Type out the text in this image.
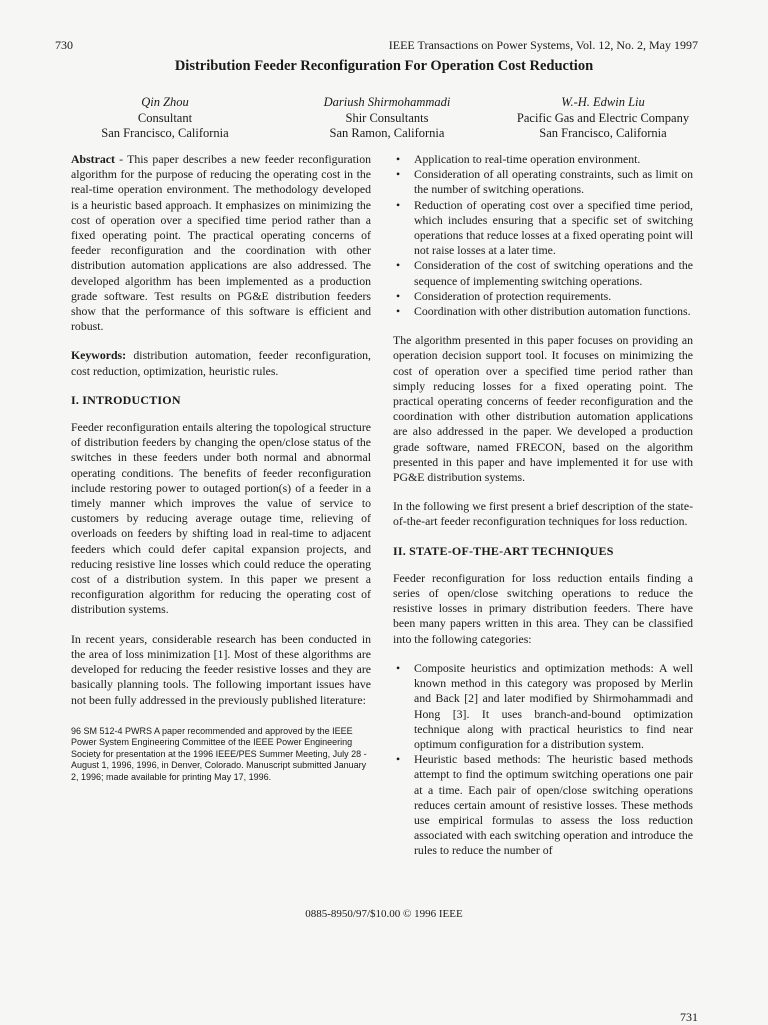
730	IEEE Transactions on Power Systems, Vol. 12, No. 2, May 1997
Distribution Feeder Reconfiguration For Operation Cost Reduction
Qin Zhou
Consultant
San Francisco, California
Dariush Shirmohammadi
Shir Consultants
San Ramon, California
W.-H. Edwin Liu
Pacific Gas and Electric Company
San Francisco, California

Abstract - This paper describes a new feeder reconfiguration algorithm for the purpose of reducing the operating cost in the real-time operation environment. The methodology developed is a heuristic based approach. It emphasizes on minimizing the cost of operation over a specified time period rather than a fixed operating point. The practical operating concerns of feeder reconfiguration and the coordination with other distribution automation applications are also addressed. The developed algorithm has been implemented as a production grade software. Test results on PG&E distribution feeders show that the performance of this software is efficient and robust.

Keywords: distribution automation, feeder reconfiguration, cost reduction, optimization, heuristic rules.

I. INTRODUCTION

Feeder reconfiguration entails altering the topological structure of distribution feeders by changing the open/close status of the switches in these feeders under both normal and abnormal operating conditions. The benefits of feeder reconfiguration include restoring power to outaged portion(s) of a feeder in a timely manner which improves the value of service to customers by reducing average outage time, relieving of overloads on feeders by shifting load in real-time to adjacent feeders which could defer capital expansion projects, and reducing resistive line losses which could reduce the operating cost of a distribution system. In this paper we present a reconfiguration algorithm for reducing the operating cost of distribution systems.

In recent years, considerable research has been conducted in the area of loss minimization [1]. Most of these algorithms are developed for reducing the feeder resistive losses and they are basically planning tools. The following important issues have not been fully addressed in the previously published literature:

96 SM 512-4 PWRS A paper recommended and approved by the IEEE Power System Engineering Committee of the IEEE Power Engineering Society for presentation at the 1996 IEEE/PES Summer Meeting, July 28 - August 1, 1996, 1996, in Denver, Colorado. Manuscript submitted January 2, 1996; made available for printing May 17, 1996.
• Application to real-time operation environment.
• Consideration of all operating constraints, such as limit on the number of switching operations.
• Reduction of operating cost over a specified time period, which includes ensuring that a specific set of switching operations that reduce losses at a fixed operating point will not raise losses at a later time.
• Consideration of the cost of switching operations and the sequence of implementing switching operations.
• Consideration of protection requirements.
• Coordination with other distribution automation functions.

The algorithm presented in this paper focuses on providing an operation decision support tool. It focuses on minimizing the cost of operation over a specified time period rather than simply reducing losses for a fixed operating point. The practical operating concerns of feeder reconfiguration and the coordination with other distribution automation applications are also addressed in the paper. We developed a production grade software, named FRECON, based on the algorithm presented in this paper and have implemented it for use with PG&E distribution systems.

In the following we first present a brief description of the state-of-the-art feeder reconfiguration techniques for loss reduction.

II. STATE-OF-THE-ART TECHNIQUES

Feeder reconfiguration for loss reduction entails finding a series of open/close switching operations to reduce the resistive losses in primary distribution feeders. There have been many papers written in this area. They can be classified into the following categories:

• Composite heuristics and optimization methods: A well known method in this category was proposed by Merlin and Back [2] and later modified by Shirmohammadi and Hong [3]. It uses branch-and-bound optimization technique along with practical heuristics to find near optimum configuration for a distribution system.
• Heuristic based methods: The heuristic based methods attempt to find the optimum switching operations one pair at a time. Each pair of open/close switching operations reduces certain amount of resistive losses. These methods use empirical formulas to assess the loss reduction associated with each switching operation and introduce the rules to reduce the number of
0885-8950/97/$10.00 © 1996 IEEE
731
